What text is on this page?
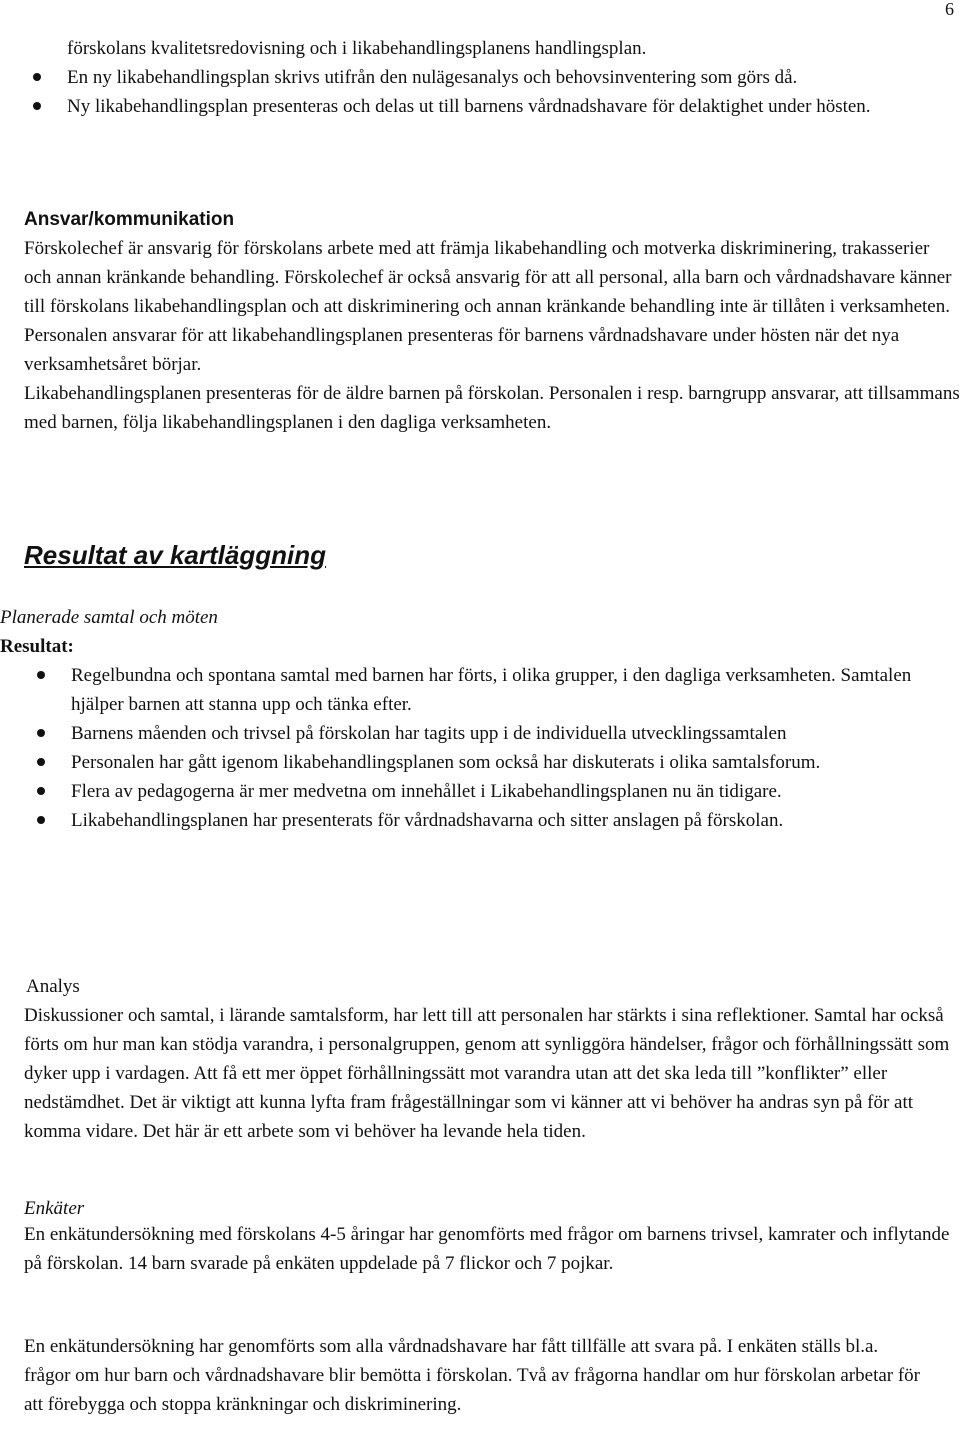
6
förskolans kvalitetsredovisning och i likabehandlingsplanens handlingsplan.
En ny likabehandlingsplan skrivs utifrån den nulägesanalys och behovsinventering som görs då.
Ny likabehandlingsplan presenteras och delas ut till barnens vårdnadshavare för delaktighet under hösten.
Ansvar/kommunikation

Förskolechef är ansvarig för förskolans arbete med att främja likabehandling och motverka diskriminering, trakasserier och annan kränkande behandling. Förskolechef är också ansvarig för att all personal, alla barn och vårdnadshavare känner till förskolans likabehandlingsplan och att diskriminering och annan kränkande behandling inte är tillåten i verksamheten.

Personalen ansvarar för att likabehandlingsplanen presenteras för barnens vårdnadshavare under hösten när det nya verksamhetsåret börjar.

Likabehandlingsplanen presenteras för de äldre barnen på förskolan. Personalen i resp. barngrupp ansvarar, att tillsammans med barnen, följa likabehandlingsplanen i den dagliga verksamheten.

Resultat av kartläggning
Planerade samtal och möten
Resultat:
Regelbundna och spontana samtal med barnen har förts, i olika grupper, i den dagliga verksamheten. Samtalen hjälper barnen att stanna upp och tänka efter.
Barnens måenden och trivsel på förskolan har tagits upp i de individuella utvecklingssamtalen
Personalen har gått igenom likabehandlingsplanen som också har diskuterats i olika samtalsforum.
Flera av pedagogerna är mer medvetna om innehållet i Likabehandlingsplanen nu än tidigare.
Likabehandlingsplanen har presenterats för vårdnadshavarna och sitter anslagen på förskolan.
Analys

Diskussioner och samtal, i lärande samtalsform, har lett till att personalen har stärkts i sina reflektioner. Samtal har också förts om hur man kan stödja varandra, i personalgruppen, genom att synliggöra händelser, frågor och förhållningssätt som dyker upp i vardagen. Att få ett mer öppet förhållningssätt mot varandra utan att det ska leda till ”konflikter” eller nedstämdhet. Det är viktigt att kunna lyfta fram frågeställningar som vi känner att vi behöver ha andras syn på för att komma vidare. Det här är ett arbete som vi behöver ha levande hela tiden.

Enkäter

En enkätundersökning med förskolans 4-5 åringar har genomförts med frågor om barnens trivsel, kamrater och inflytande på förskolan. 14 barn svarade på enkäten uppdelade på 7 flickor och 7 pojkar.

En enkätundersökning har genomförts som alla vårdnadshavare har fått tillfälle att svara på. I enkäten ställs bl.a. frågor om hur barn och vårdnadshavare blir bemötta i förskolan. Två av frågorna handlar om hur förskolan arbetar för att förebygga och stoppa kränkningar och diskriminering.
